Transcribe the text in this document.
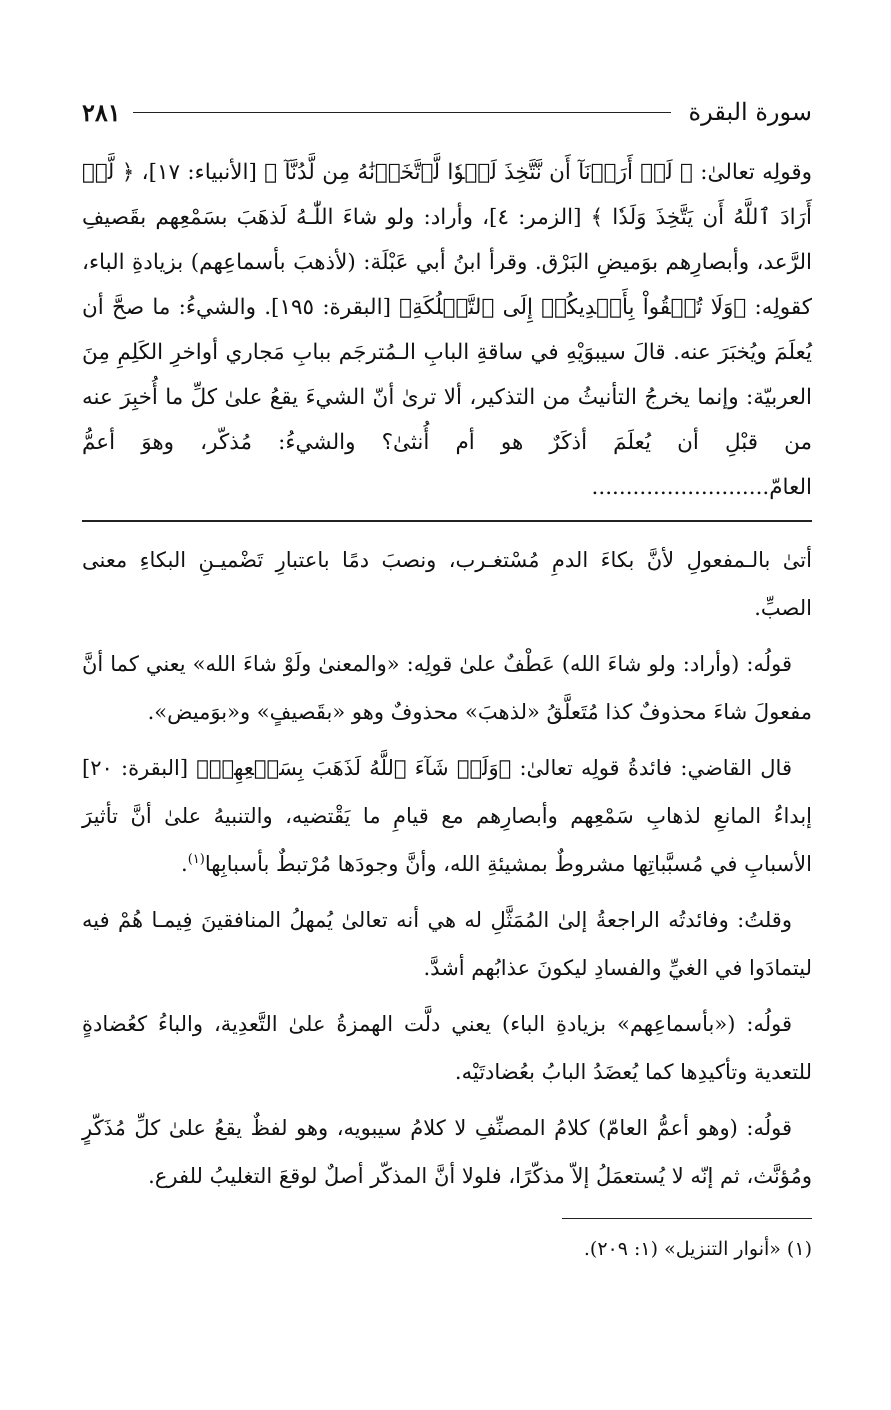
سورة البقرة
٢٨١
وقولِه تعالىٰ: ﴿ لَوۡ أَرَدۡنَآ أَن نَّتَّخِذَ لَهۡوٗا لَّٱتَّخَذۡنَٰهُ مِن لَّدُنَّآ ﴾ [الأنبياء: ١٧]، ﴿ لَّوۡ أَرَادَ ٱللَّهُ أَن يَتَّخِذَ وَلَدٗا ﴾ [الزمر: ٤]، وأراد: ولو شاءَ اللّٰـهُ لَذهَبَ بسَمْعِهم بقَصيفِ الرَّعد، وأبصارِهم بوَميضِ البَرْق. وقرأ ابنُ أبي عَبْلَة: (لأذهبَ بأسماعِهم) بزيادةِ الباء، كقولِه: ﴿وَلَا تُلۡقُواْ بِأَيۡدِيكُمۡ إِلَى ٱلتَّهۡلُكَةِ﴾ [البقرة: ١٩٥]. والشيءُ: ما صحَّ أن يُعلَمَ ويُخبَرَ عنه. قالَ سيبوَيْهِ في ساقةِ البابِ الـمُترجَم ببابِ مَجاري أواخرِ الكَلِمِ مِنَ العربيّة: وإنما يخرجُ التأنيثُ من التذكير، ألا ترىٰ أنّ الشيءَ يقعُ علىٰ كلِّ ما أُخبِرَ عنه من قبْلِ أن يُعلَمَ أذكَرٌ هو أم أُنثىٰ؟ والشيءُ: مُذكّر، وهوَ أعمُّ العامّ..........................

أتىٰ بالـمفعولِ لأنَّ بكاءَ الدمِ مُسْتغـرب، ونصبَ دمًا باعتبارِ تَضْميـنِ البكاءِ معنى الصبِّ.

قولُه: (وأراد: ولو شاءَ الله) عَطْفٌ علىٰ قولِه: «والمعنىٰ ولَوْ شاءَ الله» يعني كما أنَّ مفعولَ شاءَ محذوفٌ كذا مُتَعلَّقُ «لذهبَ» محذوفٌ وهو «بقَصيفٍ» و«بوَميض».

قال القاضي: فائدةُ قولِه تعالىٰ: ﴿وَلَوۡ شَآءَ ٱللَّهُ لَذَهَبَ بِسَمۡعِهِمۡ﴾ [البقرة: ٢٠] إبداءُ المانعِ لذهابِ سَمْعِهم وأبصارِهم مع قيامِ ما يَقْتضيه، والتنبيهُ علىٰ أنَّ تأثيرَ الأسبابِ في مُسبَّباتِها مشروطٌ بمشيئةِ الله، وأنَّ وجودَها مُرْتبطٌ بأسبابِها$^{(١)}$.

وقلتُ: وفائدتُه الراجعةُ إلىٰ المُمَثَّلِ له هي أنه تعالىٰ يُمهلُ المنافقينَ فِيمـا هُمْ فيه ليتمادَوا في الغيِّ والفسادِ ليكونَ عذابُهم أشدَّ.

قولُه: («بأسماعِهم» بزيادةِ الباء) يعني دلَّت الهمزةُ علىٰ التَّعدِية، والباءُ كعُضادةٍ للتعدية وتأكيدِها كما يُعضَدُ البابُ بعُضادتَيْه.

قولُه: (وهو أعمُّ العامّ) كلامُ المصنِّفِ لا كلامُ سيبويه، وهو لفظٌ يقعُ علىٰ كلِّ مُذَكّرٍ ومُؤنَّث، ثم إنّه لا يُستعمَلُ إلاّ مذكّرًا، فلولا أنَّ المذكّر أصلٌ لوقعَ التغليبُ للفرع.

(١) «أنوار التنزيل» (١: ٢٠٩).
